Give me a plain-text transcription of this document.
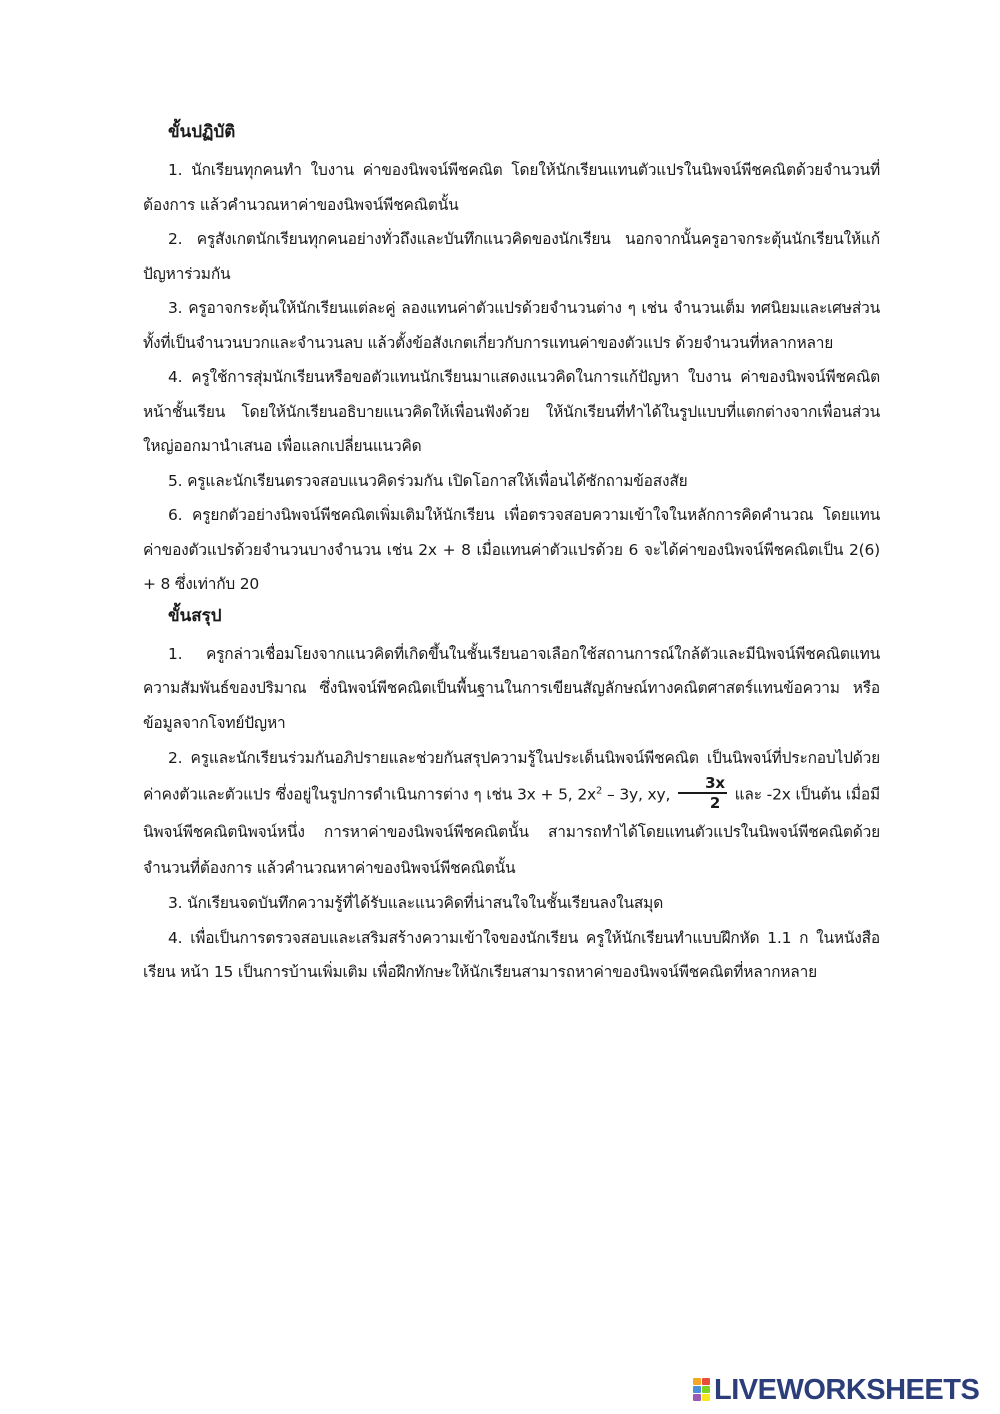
ขั้นปฏิบัติ

1. นักเรียนทุกคนทำ ใบงาน ค่าของนิพจน์พีชคณิต โดยให้นักเรียนแทนตัวแปรในนิพจน์พีชคณิตด้วยจำนวนที่ต้องการ แล้วคำนวณหาค่าของนิพจน์พีชคณิตนั้น

2. ครูสังเกตนักเรียนทุกคนอย่างทั่วถึงและบันทึกแนวคิดของนักเรียน นอกจากนั้นครูอาจกระตุ้นนักเรียนให้แก้ปัญหาร่วมกัน

3. ครูอาจกระตุ้นให้นักเรียนแต่ละคู่ ลองแทนค่าตัวแปรด้วยจำนวนต่าง ๆ เช่น จำนวนเต็ม ทศนิยมและเศษส่วน ทั้งที่เป็นจำนวนบวกและจำนวนลบ แล้วตั้งข้อสังเกตเกี่ยวกับการแทนค่าของตัวแปร ด้วยจำนวนที่หลากหลาย

4. ครูใช้การสุ่มนักเรียนหรือขอตัวแทนนักเรียนมาแสดงแนวคิดในการแก้ปัญหา ใบงาน ค่าของนิพจน์พีชคณิต หน้าชั้นเรียน โดยให้นักเรียนอธิบายแนวคิดให้เพื่อนฟังด้วย ให้นักเรียนที่ทำได้ในรูปแบบที่แตกต่างจากเพื่อนส่วนใหญ่ออกมานำเสนอ เพื่อแลกเปลี่ยนแนวคิด

5. ครูและนักเรียนตรวจสอบแนวคิดร่วมกัน เปิดโอกาสให้เพื่อนได้ซักถามข้อสงสัย

6. ครูยกตัวอย่างนิพจน์พีชคณิตเพิ่มเติมให้นักเรียน เพื่อตรวจสอบความเข้าใจในหลักการคิดคำนวณ โดยแทนค่าของตัวแปรด้วยจำนวนบางจำนวน เช่น 2x + 8 เมื่อแทนค่าตัวแปรด้วย 6 จะได้ค่าของนิพจน์พีชคณิตเป็น 2(6) + 8 ซึ่งเท่ากับ 20

ขั้นสรุป

1. ครูกล่าวเชื่อมโยงจากแนวคิดที่เกิดขึ้นในชั้นเรียนอาจเลือกใช้สถานการณ์ใกล้ตัวและมีนิพจน์พีชคณิตแทนความสัมพันธ์ของปริมาณ ซึ่งนิพจน์พีชคณิตเป็นพื้นฐานในการเขียนสัญลักษณ์ทางคณิตศาสตร์แทนข้อความ หรือข้อมูลจากโจทย์ปัญหา

2. ครูและนักเรียนร่วมกันอภิปรายและช่วยกันสรุปความรู้ในประเด็นนิพจน์พีชคณิต เป็นนิพจน์ที่ประกอบไปด้วยค่าคงตัวและตัวแปร ซึ่งอยู่ในรูปการดำเนินการต่าง ๆ เช่น 3x + 5, $2x^2 - 3y$, xy, $\frac{3x}{2}$ และ -2x เป็นต้น เมื่อมีนิพจน์พีชคณิตนิพจน์หนึ่ง การหาค่าของนิพจน์พีชคณิตนั้น สามารถทำได้โดยแทนตัวแปรในนิพจน์พีชคณิตด้วยจำนวนที่ต้องการ แล้วคำนวณหาค่าของนิพจน์พีชคณิตนั้น

3. นักเรียนจดบันทึกความรู้ที่ได้รับและแนวคิดที่น่าสนใจในชั้นเรียนลงในสมุด

4. เพื่อเป็นการตรวจสอบและเสริมสร้างความเข้าใจของนักเรียน ครูให้นักเรียนทำแบบฝึกหัด 1.1 ก ในหนังสือเรียน หน้า 15 เป็นการบ้านเพิ่มเติม เพื่อฝึกทักษะให้นักเรียนสามารถหาค่าของนิพจน์พีชคณิตที่หลากหลาย

LIVEWORKSHEETS
